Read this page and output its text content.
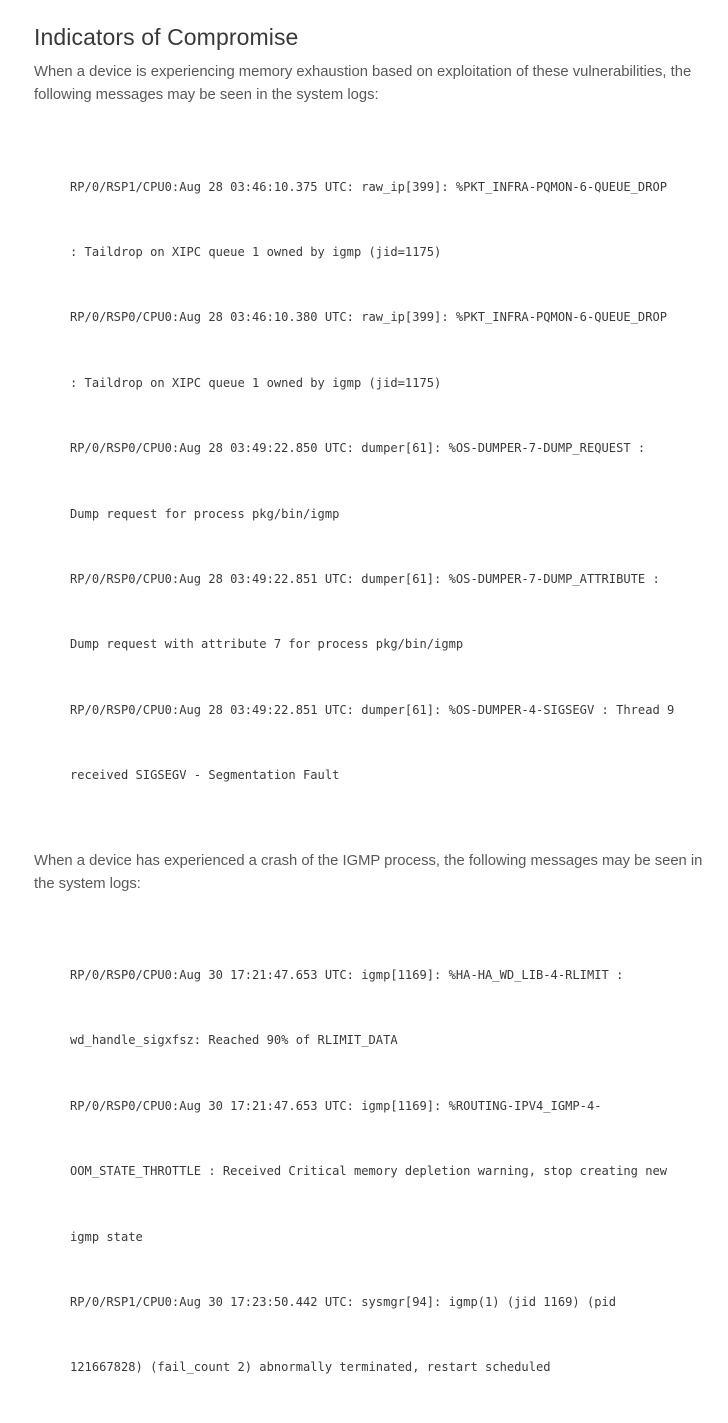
Indicators of Compromise

When a device is experiencing memory exhaustion based on exploitation of these vulnerabilities, the following messages may be seen in the system logs:

RP/0/RSP1/CPU0:Aug 28 03:46:10.375 UTC: raw_ip[399]: %PKT_INFRA-PQMON-6-QUEUE_DROP

: Taildrop on XIPC queue 1 owned by igmp (jid=1175)

RP/0/RSP0/CPU0:Aug 28 03:46:10.380 UTC: raw_ip[399]: %PKT_INFRA-PQMON-6-QUEUE_DROP

: Taildrop on XIPC queue 1 owned by igmp (jid=1175)

RP/0/RSP0/CPU0:Aug 28 03:49:22.850 UTC: dumper[61]: %OS-DUMPER-7-DUMP_REQUEST :

Dump request for process pkg/bin/igmp

RP/0/RSP0/CPU0:Aug 28 03:49:22.851 UTC: dumper[61]: %OS-DUMPER-7-DUMP_ATTRIBUTE :

Dump request with attribute 7 for process pkg/bin/igmp

RP/0/RSP0/CPU0:Aug 28 03:49:22.851 UTC: dumper[61]: %OS-DUMPER-4-SIGSEGV : Thread 9

received SIGSEGV - Segmentation Fault

When a device has experienced a crash of the IGMP process, the following messages may be seen in the system logs:

RP/0/RSP0/CPU0:Aug 30 17:21:47.653 UTC: igmp[1169]: %HA-HA_WD_LIB-4-RLIMIT :

wd_handle_sigxfsz: Reached 90% of RLIMIT_DATA

RP/0/RSP0/CPU0:Aug 30 17:21:47.653 UTC: igmp[1169]: %ROUTING-IPV4_IGMP-4-

OOM_STATE_THROTTLE : Received Critical memory depletion warning, stop creating new

igmp state

RP/0/RSP1/CPU0:Aug 30 17:23:50.442 UTC: sysmgr[94]: igmp(1) (jid 1169) (pid

121667828) (fail_count 2) abnormally terminated, restart scheduled
